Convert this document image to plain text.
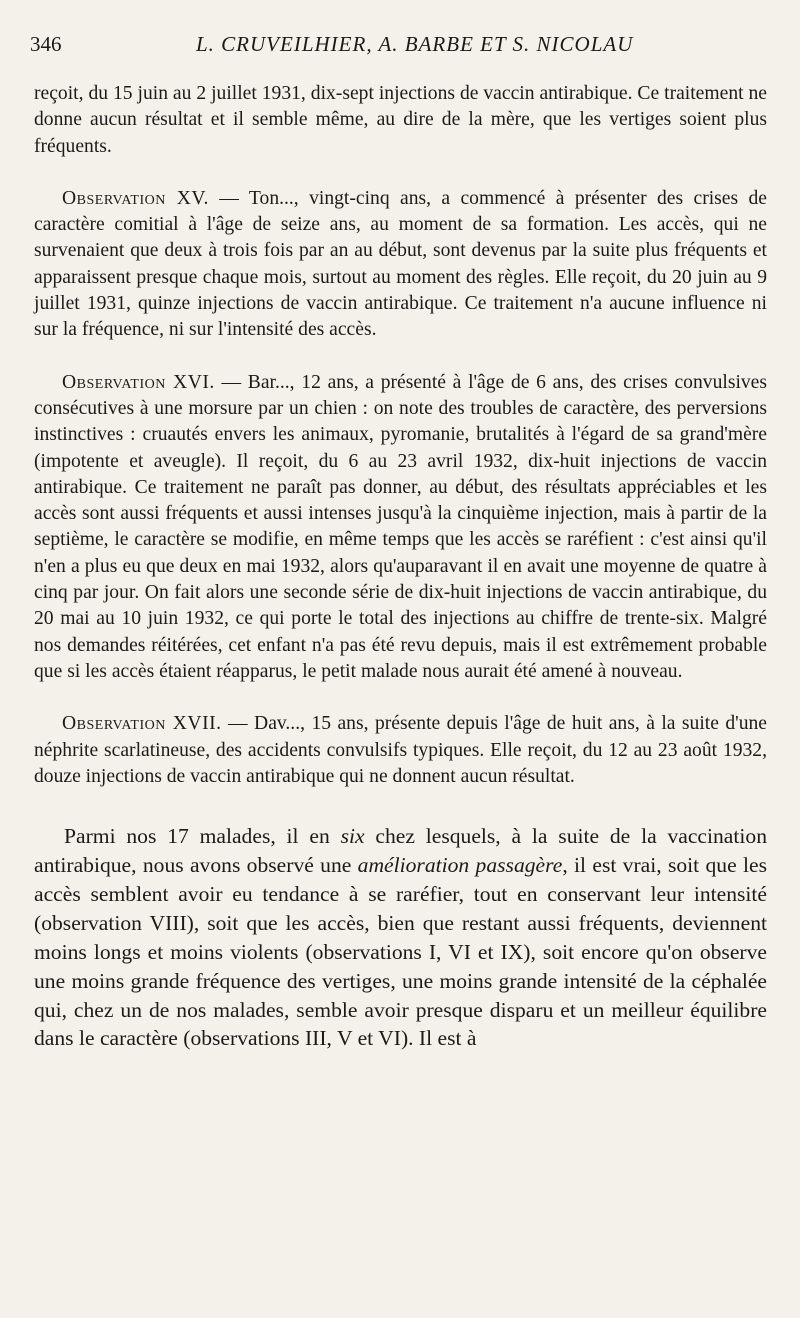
346	L. CRUVEILHIER, A. BARBE ET S. NICOLAU

reçoit, du 15 juin au 2 juillet 1931, dix-sept injections de vaccin antirabique. Ce traitement ne donne aucun résultat et il semble même, au dire de la mère, que les vertiges soient plus fréquents.

Observation XV. — Ton..., vingt-cinq ans, a commencé à présenter des crises de caractère comitial à l'âge de seize ans, au moment de sa formation. Les accès, qui ne survenaient que deux à trois fois par an au début, sont devenus par la suite plus fréquents et apparaissent presque chaque mois, surtout au moment des règles. Elle reçoit, du 20 juin au 9 juillet 1931, quinze injections de vaccin antirabique. Ce traitement n'a aucune influence ni sur la fréquence, ni sur l'intensité des accès.

Observation XVI. — Bar..., 12 ans, a présenté à l'âge de 6 ans, des crises convulsives consécutives à une morsure par un chien : on note des troubles de caractère, des perversions instinctives : cruautés envers les animaux, pyromanie, brutalités à l'égard de sa grand'mère (impotente et aveugle). Il reçoit, du 6 au 23 avril 1932, dix-huit injections de vaccin antirabique. Ce traitement ne paraît pas donner, au début, des résultats appréciables et les accès sont aussi fréquents et aussi intenses jusqu'à la cinquième injection, mais à partir de la septième, le caractère se modifie, en même temps que les accès se raréfient : c'est ainsi qu'il n'en a plus eu que deux en mai 1932, alors qu'auparavant il en avait une moyenne de quatre à cinq par jour. On fait alors une seconde série de dix-huit injections de vaccin antirabique, du 20 mai au 10 juin 1932, ce qui porte le total des injections au chiffre de trente-six. Malgré nos demandes réitérées, cet enfant n'a pas été revu depuis, mais il est extrêmement probable que si les accès étaient réapparus, le petit malade nous aurait été amené à nouveau.

Observation XVII. — Dav..., 15 ans, présente depuis l'âge de huit ans, à la suite d'une néphrite scarlatineuse, des accidents convulsifs typiques. Elle reçoit, du 12 au 23 août 1932, douze injections de vaccin antirabique qui ne donnent aucun résultat.

Parmi nos 17 malades, il en six chez lesquels, à la suite de la vaccination antirabique, nous avons observé une amélioration passagère, il est vrai, soit que les accès semblent avoir eu tendance à se raréfier, tout en conservant leur intensité (observation VIII), soit que les accès, bien que restant aussi fréquents, deviennent moins longs et moins violents (observations I, VI et IX), soit encore qu'on observe une moins grande fréquence des vertiges, une moins grande intensité de la céphalée qui, chez un de nos malades, semble avoir presque disparu et un meilleur équilibre dans le caractère (observations III, V et VI). Il est à
